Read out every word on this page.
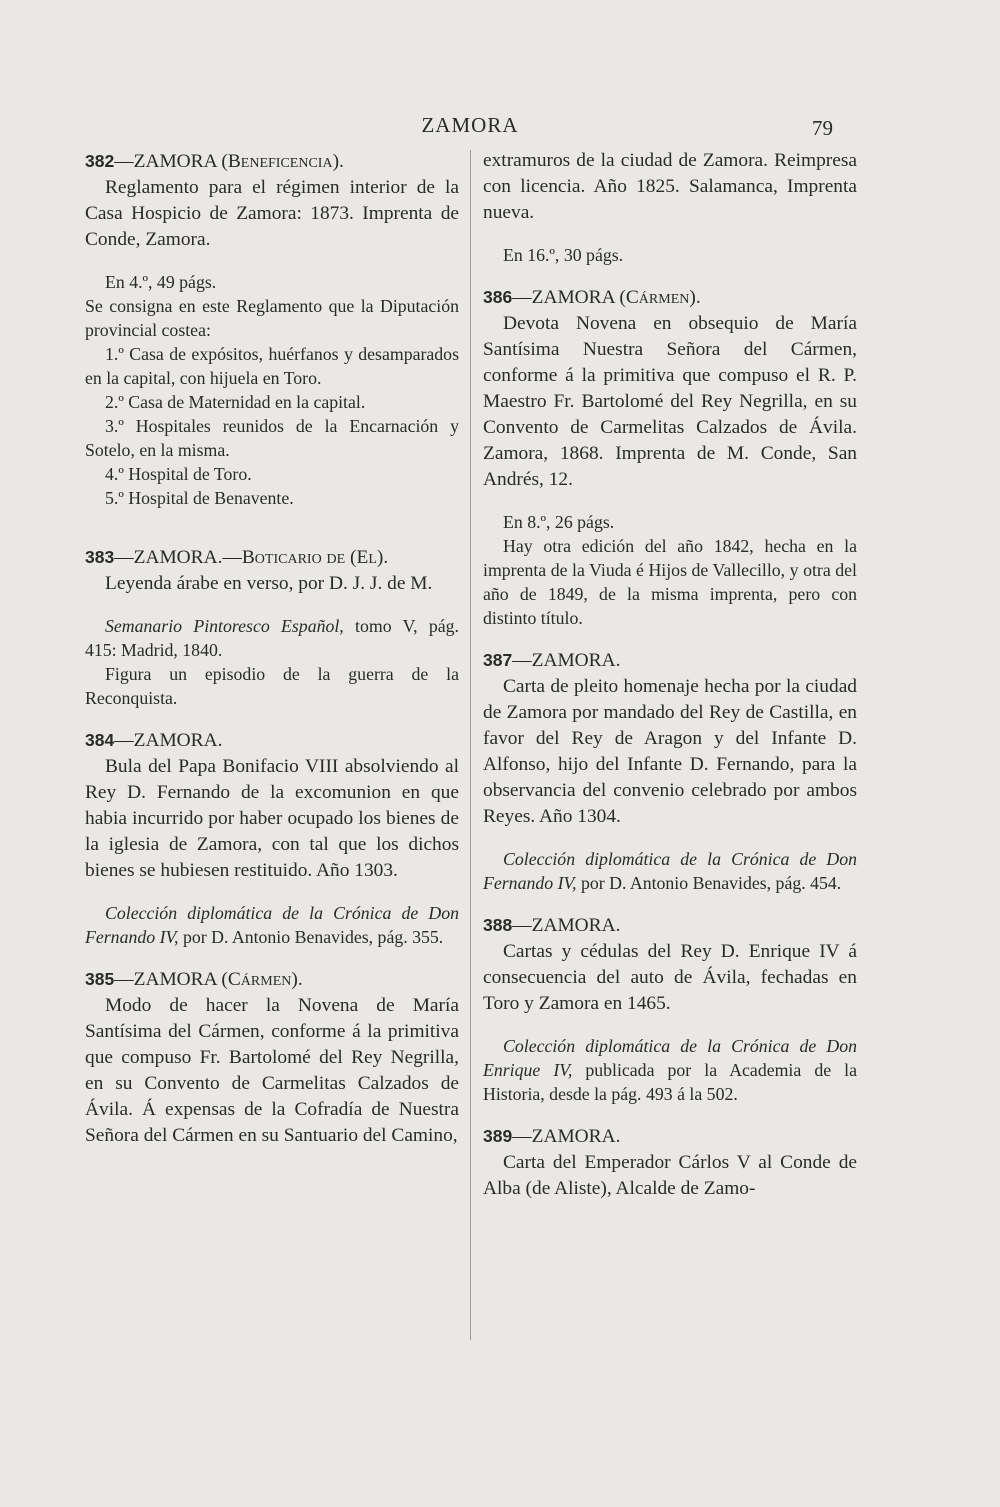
ZAMORA	79

382—ZAMORA (Beneficencia).

Reglamento para el régimen interior de la Casa Hospicio de Zamora: 1873. Imprenta de Conde, Zamora.

En 4.º, 49 págs.

Se consigna en este Reglamento que la Diputación provincial costea:

1.º Casa de expósitos, huérfanos y desamparados en la capital, con hijuela en Toro.

2.º Casa de Maternidad en la capital.

3.º Hospitales reunidos de la Encarnación y Sotelo, en la misma.

4.º Hospital de Toro.

5.º Hospital de Benavente.

383—ZAMORA.—Boticario de (El).

Leyenda árabe en verso, por D. J. J. de M.

Semanario Pintoresco Español, tomo V, pág. 415: Madrid, 1840.

Figura un episodio de la guerra de la Reconquista.

384—ZAMORA.

Bula del Papa Bonifacio VIII absolviendo al Rey D. Fernando de la excomunion en que habia incurrido por haber ocupado los bienes de la iglesia de Zamora, con tal que los dichos bienes se hubiesen restituido. Año 1303.

Colección diplomática de la Crónica de Don Fernando IV, por D. Antonio Benavides, pág. 355.

385—ZAMORA (Cármen).

Modo de hacer la Novena de María Santísima del Cármen, conforme á la primitiva que compuso Fr. Bartolomé del Rey Negrilla, en su Convento de Carmelitas Calzados de Ávila. Á expensas de la Cofradía de Nuestra Señora del Cármen en su Santuario del Camino,

extramuros de la ciudad de Zamora. Reimpresa con licencia. Año 1825. Salamanca, Imprenta nueva.

En 16.º, 30 págs.

386—ZAMORA (Cármen).

Devota Novena en obsequio de María Santísima Nuestra Señora del Cármen, conforme á la primitiva que compuso el R. P. Maestro Fr. Bartolomé del Rey Negrilla, en su Convento de Carmelitas Calzados de Ávila. Zamora, 1868. Imprenta de M. Conde, San Andrés, 12.

En 8.º, 26 págs.

Hay otra edición del año 1842, hecha en la imprenta de la Viuda é Hijos de Vallecillo, y otra del año de 1849, de la misma imprenta, pero con distinto título.

387—ZAMORA.

Carta de pleito homenaje hecha por la ciudad de Zamora por mandado del Rey de Castilla, en favor del Rey de Aragon y del Infante D. Alfonso, hijo del Infante D. Fernando, para la observancia del convenio celebrado por ambos Reyes. Año 1304.

Colección diplomática de la Crónica de Don Fernando IV, por D. Antonio Benavides, pág. 454.

388—ZAMORA.

Cartas y cédulas del Rey D. Enrique IV á consecuencia del auto de Ávila, fechadas en Toro y Zamora en 1465.

Colección diplomática de la Crónica de Don Enrique IV, publicada por la Academia de la Historia, desde la pág. 493 á la 502.

389—ZAMORA.

Carta del Emperador Cárlos V al Conde de Alba (de Aliste), Alcalde de Zamo-
